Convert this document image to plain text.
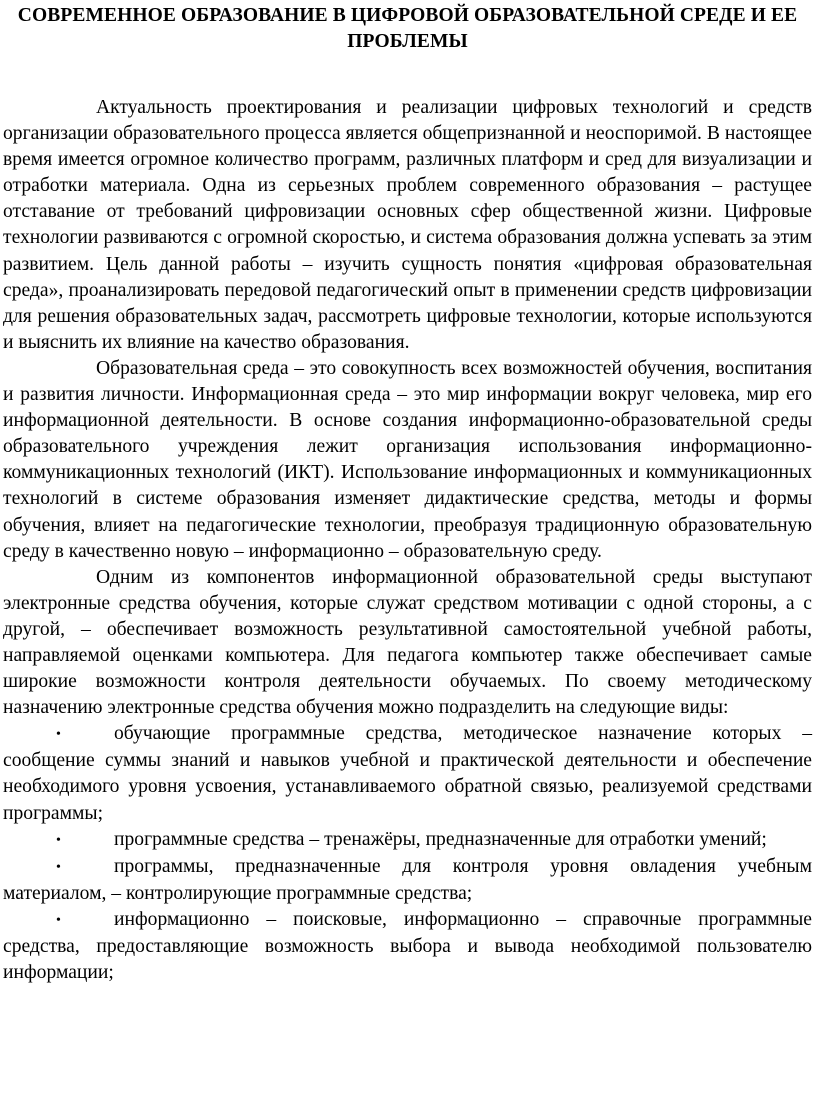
СОВРЕМЕННОЕ ОБРАЗОВАНИЕ В ЦИФРОВОЙ ОБРАЗОВАТЕЛЬНОЙ СРЕДЕ И ЕЕ ПРОБЛЕМЫ

Актуальность проектирования и реализации цифровых технологий и средств организации образовательного процесса является общепризнанной и неоспоримой. В настоящее время имеется огромное количество программ, различных платформ и сред для визуализации и отработки материала. Одна из серьезных проблем современного образования – растущее отставание от требований цифровизации основных сфер общественной жизни. Цифровые технологии развиваются с огромной скоростью, и система образования должна успевать за этим развитием. Цель данной работы – изучить сущность понятия «цифровая образовательная среда», проанализировать передовой педагогический опыт в применении средств цифровизации для решения образовательных задач, рассмотреть цифровые технологии, которые используются и выяснить их влияние на качество образования.

Образовательная среда – это совокупность всех возможностей обучения, воспитания и развития личности. Информационная среда – это мир информации вокруг человека, мир его информационной деятельности. В основе создания информационно-образовательной среды образовательного учреждения лежит организация использования информационно-коммуникационных технологий (ИКТ). Использование информационных и коммуникационных технологий в системе образования изменяет дидактические средства, методы и формы обучения, влияет на педагогические технологии, преобразуя традиционную образовательную среду в качественно новую – информационно – образовательную среду.

Одним из компонентов информационной образовательной среды выступают электронные средства обучения, которые служат средством мотивации с одной стороны, а с другой, – обеспечивает возможность результативной самостоятельной учебной работы, направляемой оценками компьютера. Для педагога компьютер также обеспечивает самые широкие возможности контроля деятельности обучаемых. По своему методическому назначению электронные средства обучения можно подразделить на следующие виды:

•	обучающие программные средства, методическое назначение которых – сообщение суммы знаний и навыков учебной и практической деятельности и обеспечение необходимого уровня усвоения, устанавливаемого обратной связью, реализуемой средствами программы;

•	программные средства – тренажёры, предназначенные для отработки умений;

•	программы, предназначенные для контроля уровня овладения учебным материалом, – контролирующие программные средства;

•	информационно – поисковые, информационно – справочные программные средства, предоставляющие возможность выбора и вывода необходимой пользователю информации;
